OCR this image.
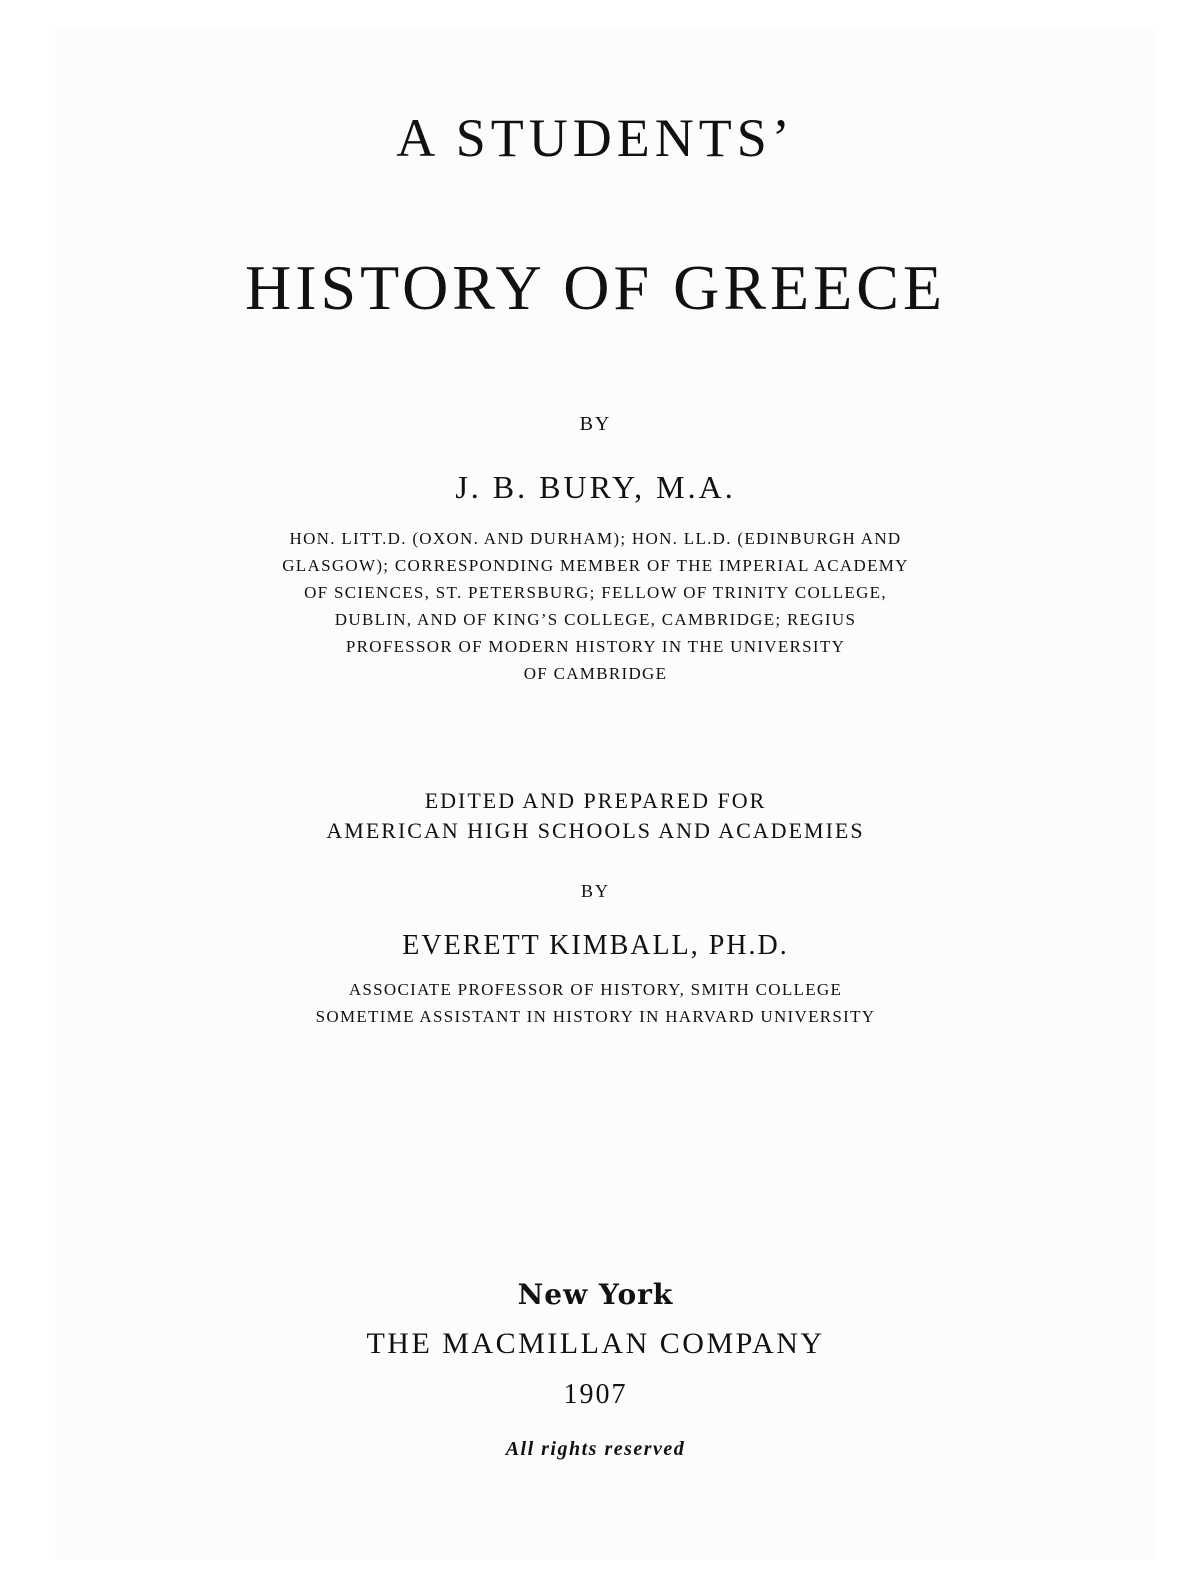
A STUDENTS’
HISTORY OF GREECE
BY
J. B. BURY, M.A.
HON. LITT.D. (OXON. AND DURHAM); HON. LL.D. (EDINBURGH AND
GLASGOW); CORRESPONDING MEMBER OF THE IMPERIAL ACADEMY
OF SCIENCES, ST. PETERSBURG; FELLOW OF TRINITY COLLEGE,
DUBLIN, AND OF KING’S COLLEGE, CAMBRIDGE; REGIUS
PROFESSOR OF MODERN HISTORY IN THE UNIVERSITY
OF CAMBRIDGE
EDITED AND PREPARED FOR
AMERICAN HIGH SCHOOLS AND ACADEMIES
BY
EVERETT KIMBALL, PH.D.
ASSOCIATE PROFESSOR OF HISTORY, SMITH COLLEGE
SOMETIME ASSISTANT IN HISTORY IN HARVARD UNIVERSITY
New York
THE MACMILLAN COMPANY
1907
All rights reserved
